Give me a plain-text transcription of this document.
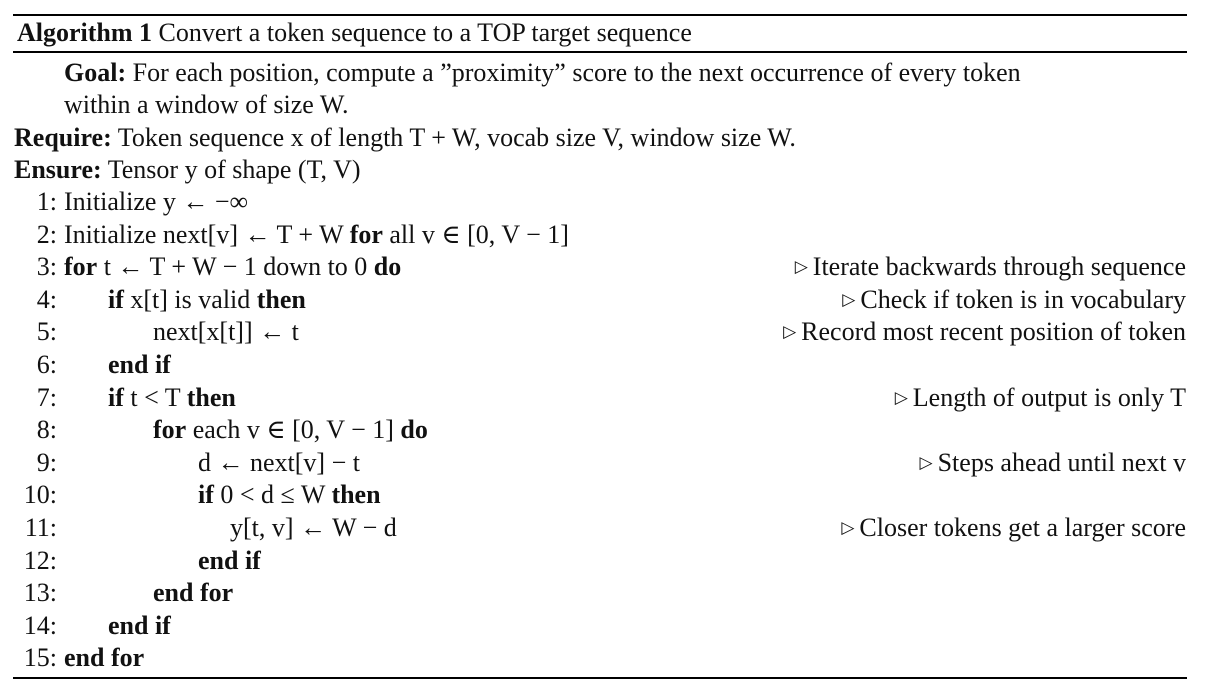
Algorithm 1 Convert a token sequence to a TOP target sequence
Goal: For each position, compute a ”proximity” score to the next occurrence of every token
within a window of size W.
Require: Token sequence x of length T + W, vocab size V, window size W.
Ensure: Tensor y of shape (T, V)
1: Initialize y ← −∞
2: Initialize next[v] ← T + W for all v ∈ [0, V − 1]
3: for t ← T + W − 1 down to 0 do	▷ Iterate backwards through sequence
4: if x[t] is valid then	▷ Check if token is in vocabulary
5:	next[x[t]] ← t	▷ Record most recent position of token
6: end if
7: if t < T then	▷ Length of output is only T
8:	for each v ∈ [0, V − 1] do
9:	d ← next[v] − t	▷ Steps ahead until next v
10:	if 0 < d ≤ W then
11:	y[t, v] ← W − d	▷ Closer tokens get a larger score
12:	end if
13:	end for
14: end if
15: end for
